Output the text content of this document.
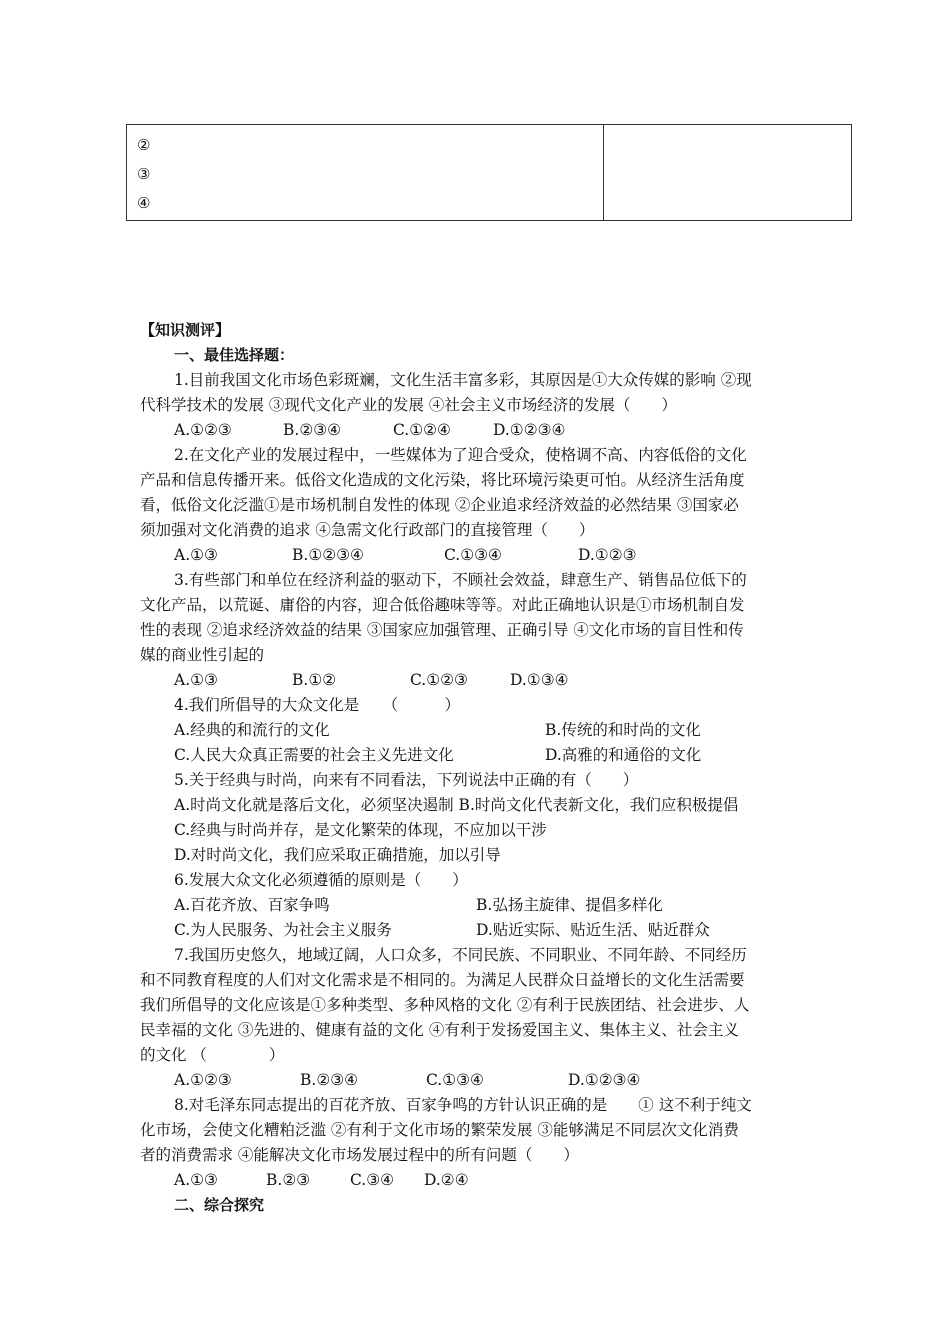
②
③
④

【知识测评】
一、最佳选择题：
1.目前我国文化市场色彩斑斓，文化生活丰富多彩，其原因是①大众传媒的影响 ②现
代科学技术的发展 ③现代文化产业的发展 ④社会主义市场经济的发展（　　）
A.①②③	B.②③④	C.①②④	D.①②③④
2.在文化产业的发展过程中，一些媒体为了迎合受众，使格调不高、内容低俗的文化
产品和信息传播开来。低俗文化造成的文化污染，将比环境污染更可怕。从经济生活角度
看，低俗文化泛滥①是市场机制自发性的体现 ②企业追求经济效益的必然结果 ③国家必
须加强对文化消费的追求 ④急需文化行政部门的直接管理（　　）
A.①③	B.①②③④	C.①③④	D.①②③
3.有些部门和单位在经济利益的驱动下，不顾社会效益，肆意生产、销售品位低下的
文化产品，以荒诞、庸俗的内容，迎合低俗趣味等等。对此正确地认识是①市场机制自发
性的表现 ②追求经济效益的结果 ③国家应加强管理、正确引导 ④文化市场的盲目性和传
媒的商业性引起的
A.①③	B.①②	C.①②③	D.①③④
4.我们所倡导的大众文化是　　（　　　）
A.经典的和流行的文化	B.传统的和时尚的文化
C.人民大众真正需要的社会主义先进文化	D.高雅的和通俗的文化
5.关于经典与时尚，向来有不同看法，下列说法中正确的有（　　）
A.时尚文化就是落后文化，必须坚决遏制 B.时尚文化代表新文化，我们应积极提倡
C.经典与时尚并存，是文化繁荣的体现，不应加以干涉
D.对时尚文化，我们应采取正确措施，加以引导
6.发展大众文化必须遵循的原则是（　　）
A.百花齐放、百家争鸣	B.弘扬主旋律、提倡多样化
C.为人民服务、为社会主义服务	D.贴近实际、贴近生活、贴近群众
7.我国历史悠久，地域辽阔，人口众多，不同民族、不同职业、不同年龄、不同经历
和不同教育程度的人们对文化需求是不相同的。为满足人民群众日益增长的文化生活需要
我们所倡导的文化应该是①多种类型、多种风格的文化 ②有利于民族团结、社会进步、人
民幸福的文化 ③先进的、健康有益的文化 ④有利于发扬爱国主义、集体主义、社会主义
的文化 （　　　　）
A.①②③	B.②③④	C.①③④	D.①②③④
8.对毛泽东同志提出的百花齐放、百家争鸣的方针认识正确的是　　① 这不利于纯文
化市场，会使文化糟粕泛滥 ②有利于文化市场的繁荣发展 ③能够满足不同层次文化消费
者的消费需求 ④能解决文化市场发展过程中的所有问题（　　）
A.①③	B.②③	C.③④	D.②④
二、综合探究
